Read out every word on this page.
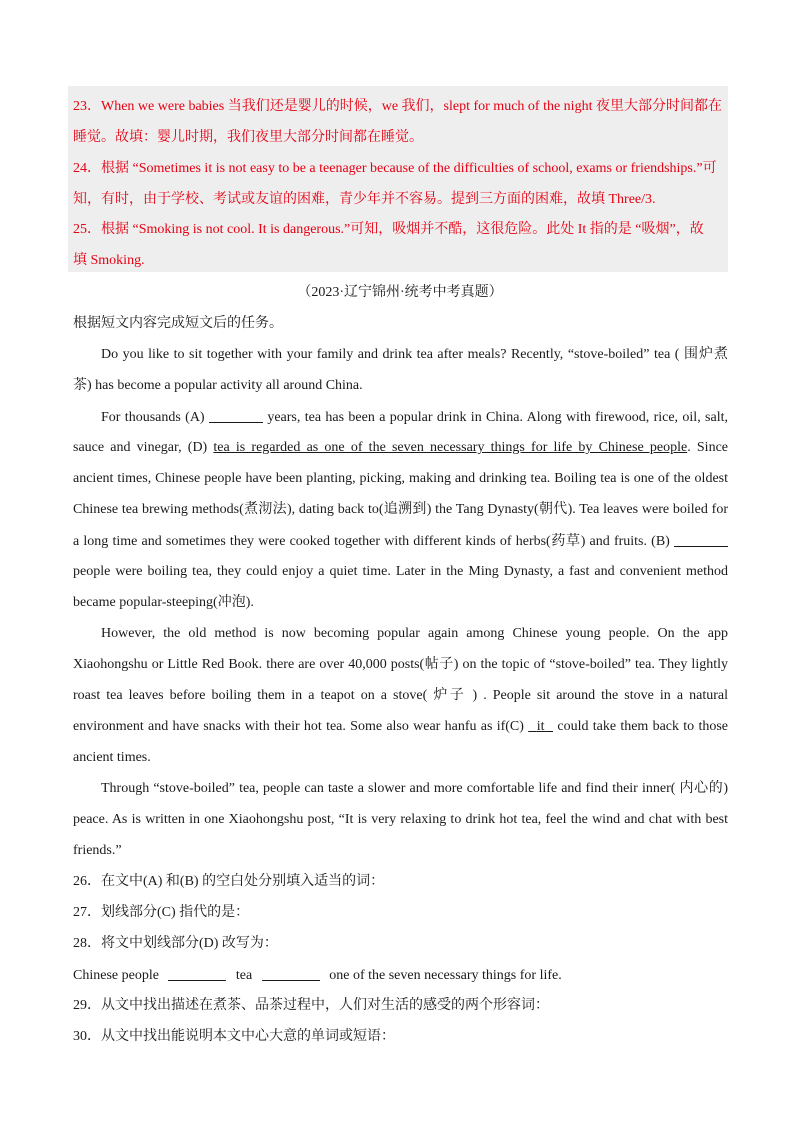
23．When we were babies 当我们还是婴儿的时候，we 我们，slept for much of the night 夜里大部分时间都在
睡觉。故填：婴儿时期，我们夜里大部分时间都在睡觉。
24．根据 “Sometimes it is not easy to be a teenager because of the difficulties of school, exams or friendships.”可
知，有时，由于学校、考试或友谊的困难，青少年并不容易。提到三方面的困难，故填 Three/3.
25．根据 “Smoking is not cool. It is dangerous.”可知，吸烟并不酷，这很危险。此处 It 指的是 “吸烟”，故
填 Smoking.
（2023·辽宁锦州·统考中考真题）
根据短文内容完成短文后的任务。
Do you like to sit together with your family and drink tea after meals? Recently, “stove-boiled” tea ( 围炉煮
茶) has become a popular activity all around China.
For thousands (A)	years, tea has been a popular drink in China. Along with firewood, rice, oil, salt,
sauce and vinegar, (D) tea is regarded as one of the seven necessary things for life by Chinese people. Since
ancient times, Chinese people have been planting, picking, making and drinking tea. Boiling tea is one of the oldest
Chinese tea brewing methods(煮沏法), dating back to(追溯到) the Tang Dynasty(朝代). Tea leaves were boiled for
a long time and sometimes they were cooked together with different kinds of herbs(药草) and fruits. (B)
people were boiling tea, they could enjoy a quiet time. Later in the Ming Dynasty, a fast and convenient method
became popular-steeping(冲泡).
However, the old method is now becoming popular again among Chinese young people. On the app
Xiaohongshu or Little Red Book. there are over 40,000 posts(帖子) on the topic of “stove-boiled” tea. They lightly
roast tea leaves before boiling them in a teapot on a stove( 炉子 ) . People sit around the stove in a natural
environment and have snacks with their hot tea. Some also wear hanfu as if(C) it could take them back to those
ancient times.
Through “stove-boiled” tea, people can taste a slower and more comfortable life and find their inner( 内心的)
peace. As is written in one Xiaohongshu post, “It is very relaxing to drink hot tea, feel the wind and chat with best
friends.”
26．在文中(A) 和(B) 的空白处分别填入适当的词：
27．划线部分(C) 指代的是：
28．将文中划线部分(D) 改写为：
Chinese people	tea	one of the seven necessary things for life.
29．从文中找出描述在煮茶、品茶过程中，人们对生活的感受的两个形容词：
30．从文中找出能说明本文中心大意的单词或短语：
